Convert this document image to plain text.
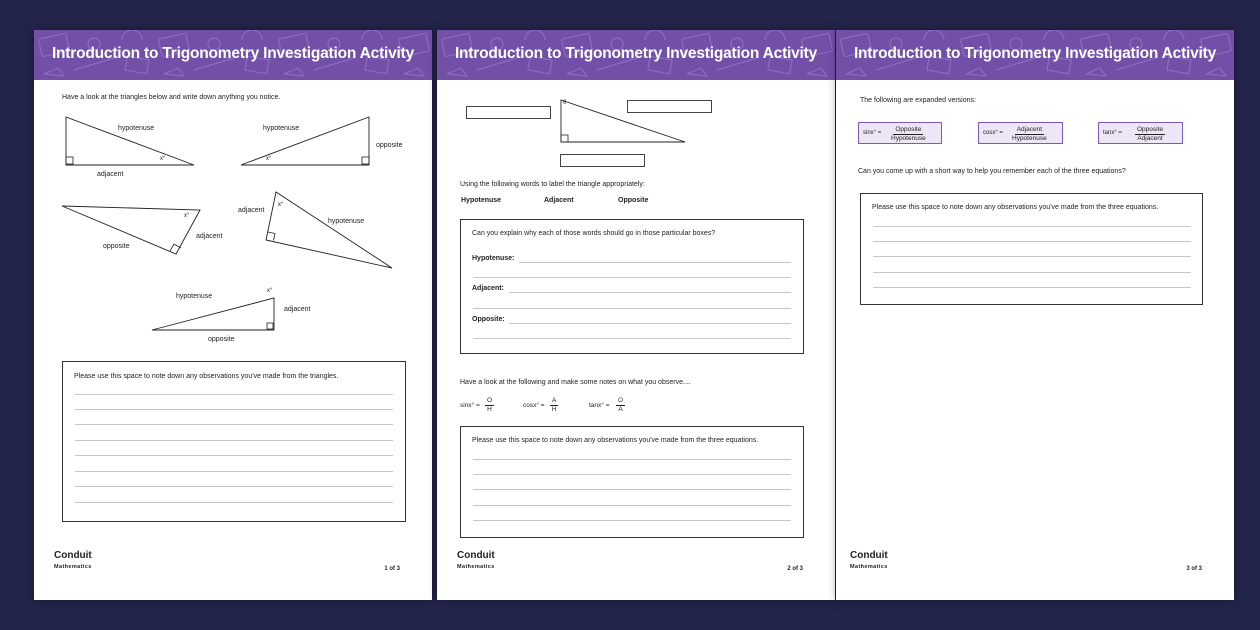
Introduction to Trigonometry Investigation Activity
Have a look at the triangles below and write down anything you notice.
hypotenuse
x°
adjacent
hypotenuse
x°
opposite
x°
adjacent
opposite
adjacent
x°
hypotenuse
hypotenuse
x°
adjacent
opposite
Please use this space to note down any observations you've made from the triangles.
Conduit
Mathematics	1 of 3
Introduction to Trigonometry Investigation Activity
θ
Using the following words to label the triangle appropriately:
Hypotenuse	Adjacent	Opposite
Can you explain why each of those words should go in those particular boxes?
Hypotenuse:
Adjacent:
Opposite:
Have a look at the following and make some notes on what you observe....
$\sin x^\circ = \frac{O}{H}$	$\cos x^\circ = \frac{A}{H}$	$\tan x^\circ = \frac{O}{A}$
Please use this space to note down any observations you've made from the three equations.
Conduit
Mathematics	2 of 3
Introduction to Trigonometry Investigation Activity
The following are expanded versions:
sinx° =	Opposite
Hypotenuse
cosx° =	Adjacent
Hypotenuse
tanx° =	Opposite
Adjacent
Can you come up with a short way to help you remember each of the three equations?
Please use this space to note down any observations you've made from the three equations.
Conduit
Mathematics	3 of 3
